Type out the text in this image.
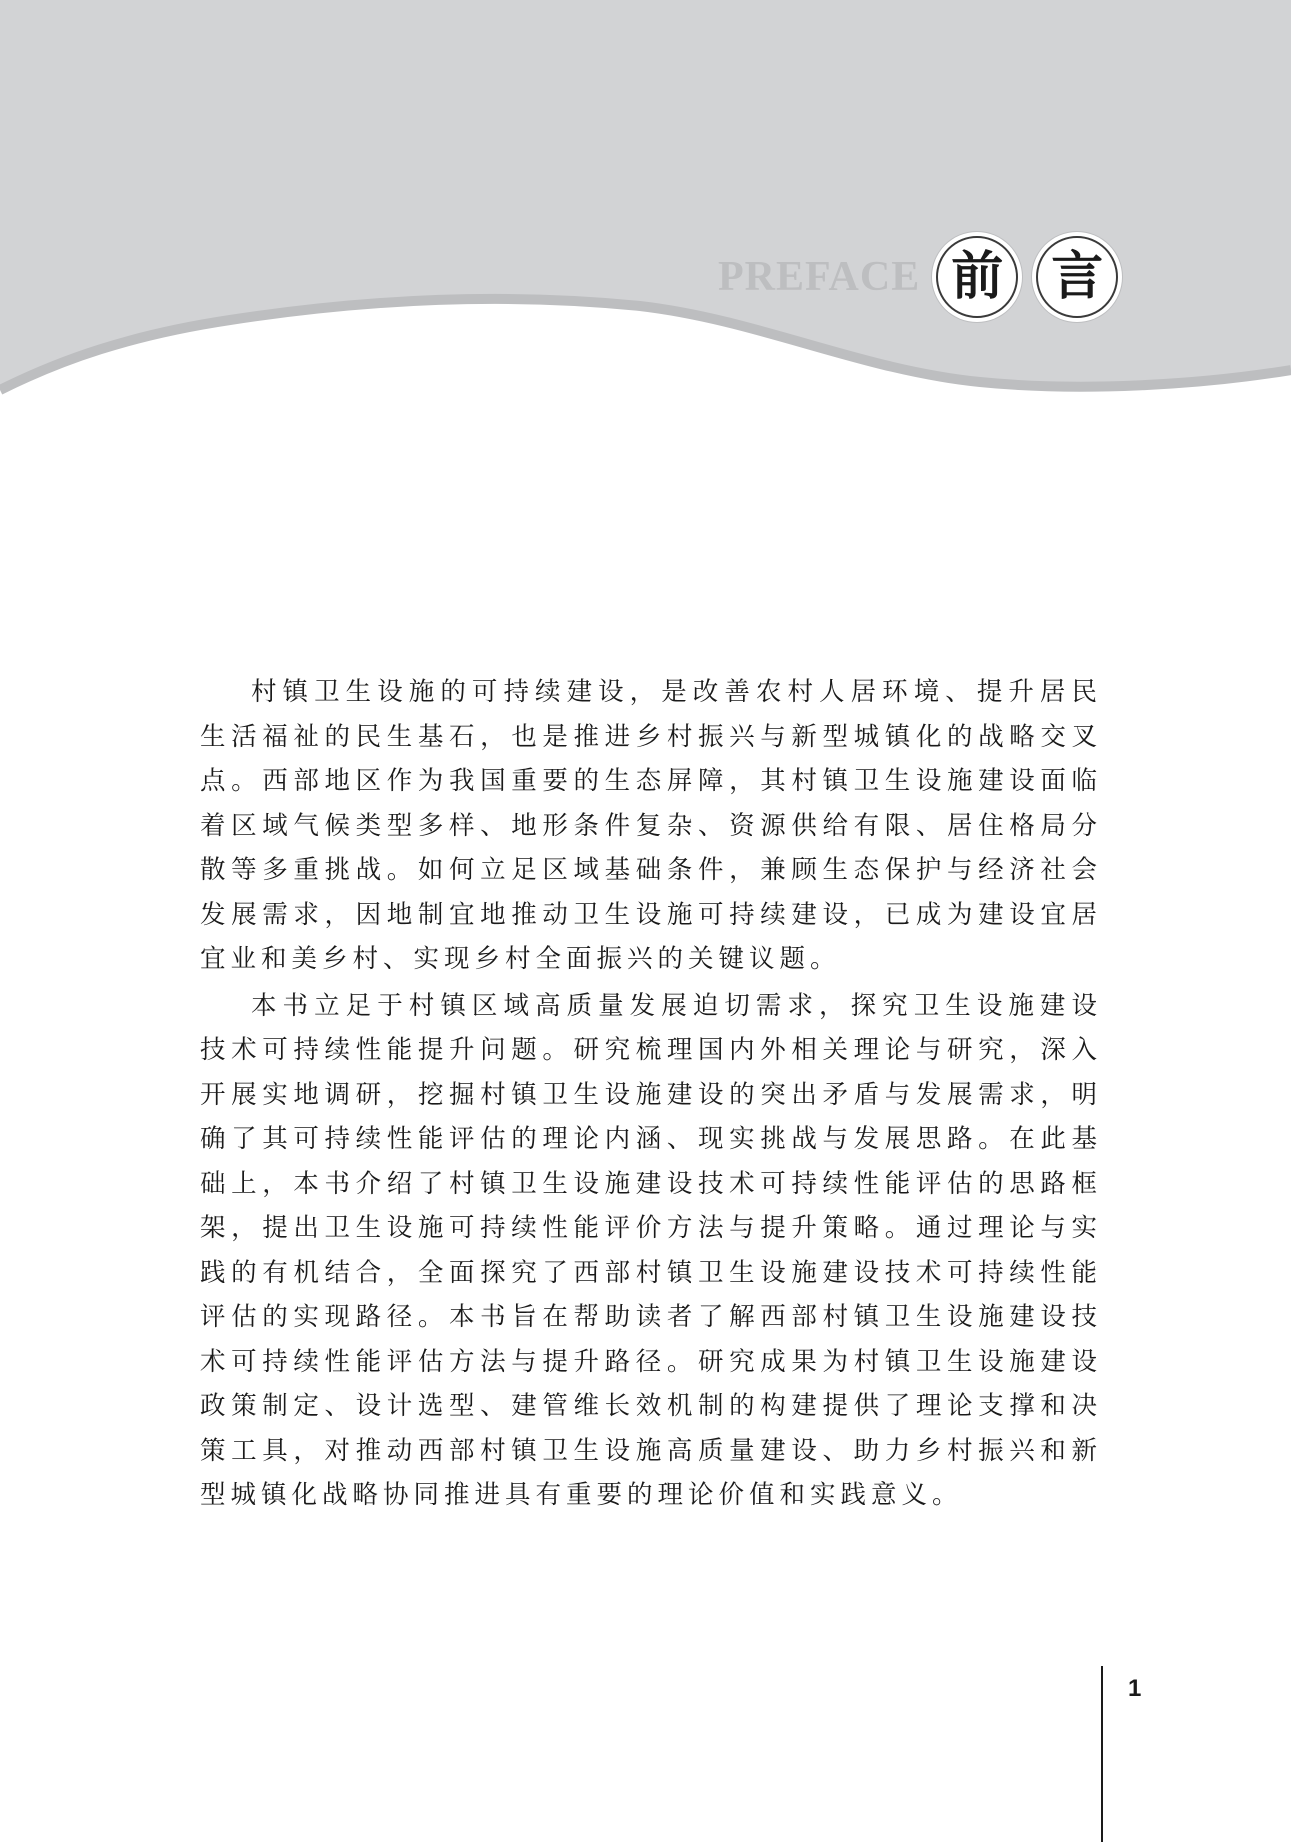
PREFACE 前 言

村镇卫生设施的可持续建设，是改善农村人居环境、提升居民生活福祉的民生基石，也是推进乡村振兴与新型城镇化的战略交叉点。西部地区作为我国重要的生态屏障，其村镇卫生设施建设面临着区域气候类型多样、地形条件复杂、资源供给有限、居住格局分散等多重挑战。如何立足区域基础条件，兼顾生态保护与经济社会发展需求，因地制宜地推动卫生设施可持续建设，已成为建设宜居宜业和美乡村、实现乡村全面振兴的关键议题。

本书立足于村镇区域高质量发展迫切需求，探究卫生设施建设技术可持续性能提升问题。研究梳理国内外相关理论与研究，深入开展实地调研，挖掘村镇卫生设施建设的突出矛盾与发展需求，明确了其可持续性能评估的理论内涵、现实挑战与发展思路。在此基础上，本书介绍了村镇卫生设施建设技术可持续性能评估的思路框架，提出卫生设施可持续性能评价方法与提升策略。通过理论与实践的有机结合，全面探究了西部村镇卫生设施建设技术可持续性能评估的实现路径。本书旨在帮助读者了解西部村镇卫生设施建设技术可持续性能评估方法与提升路径。研究成果为村镇卫生设施建设政策制定、设计选型、建管维长效机制的构建提供了理论支撑和决策工具，对推动西部村镇卫生设施高质量建设、助力乡村振兴和新型城镇化战略协同推进具有重要的理论价值和实践意义。

1
